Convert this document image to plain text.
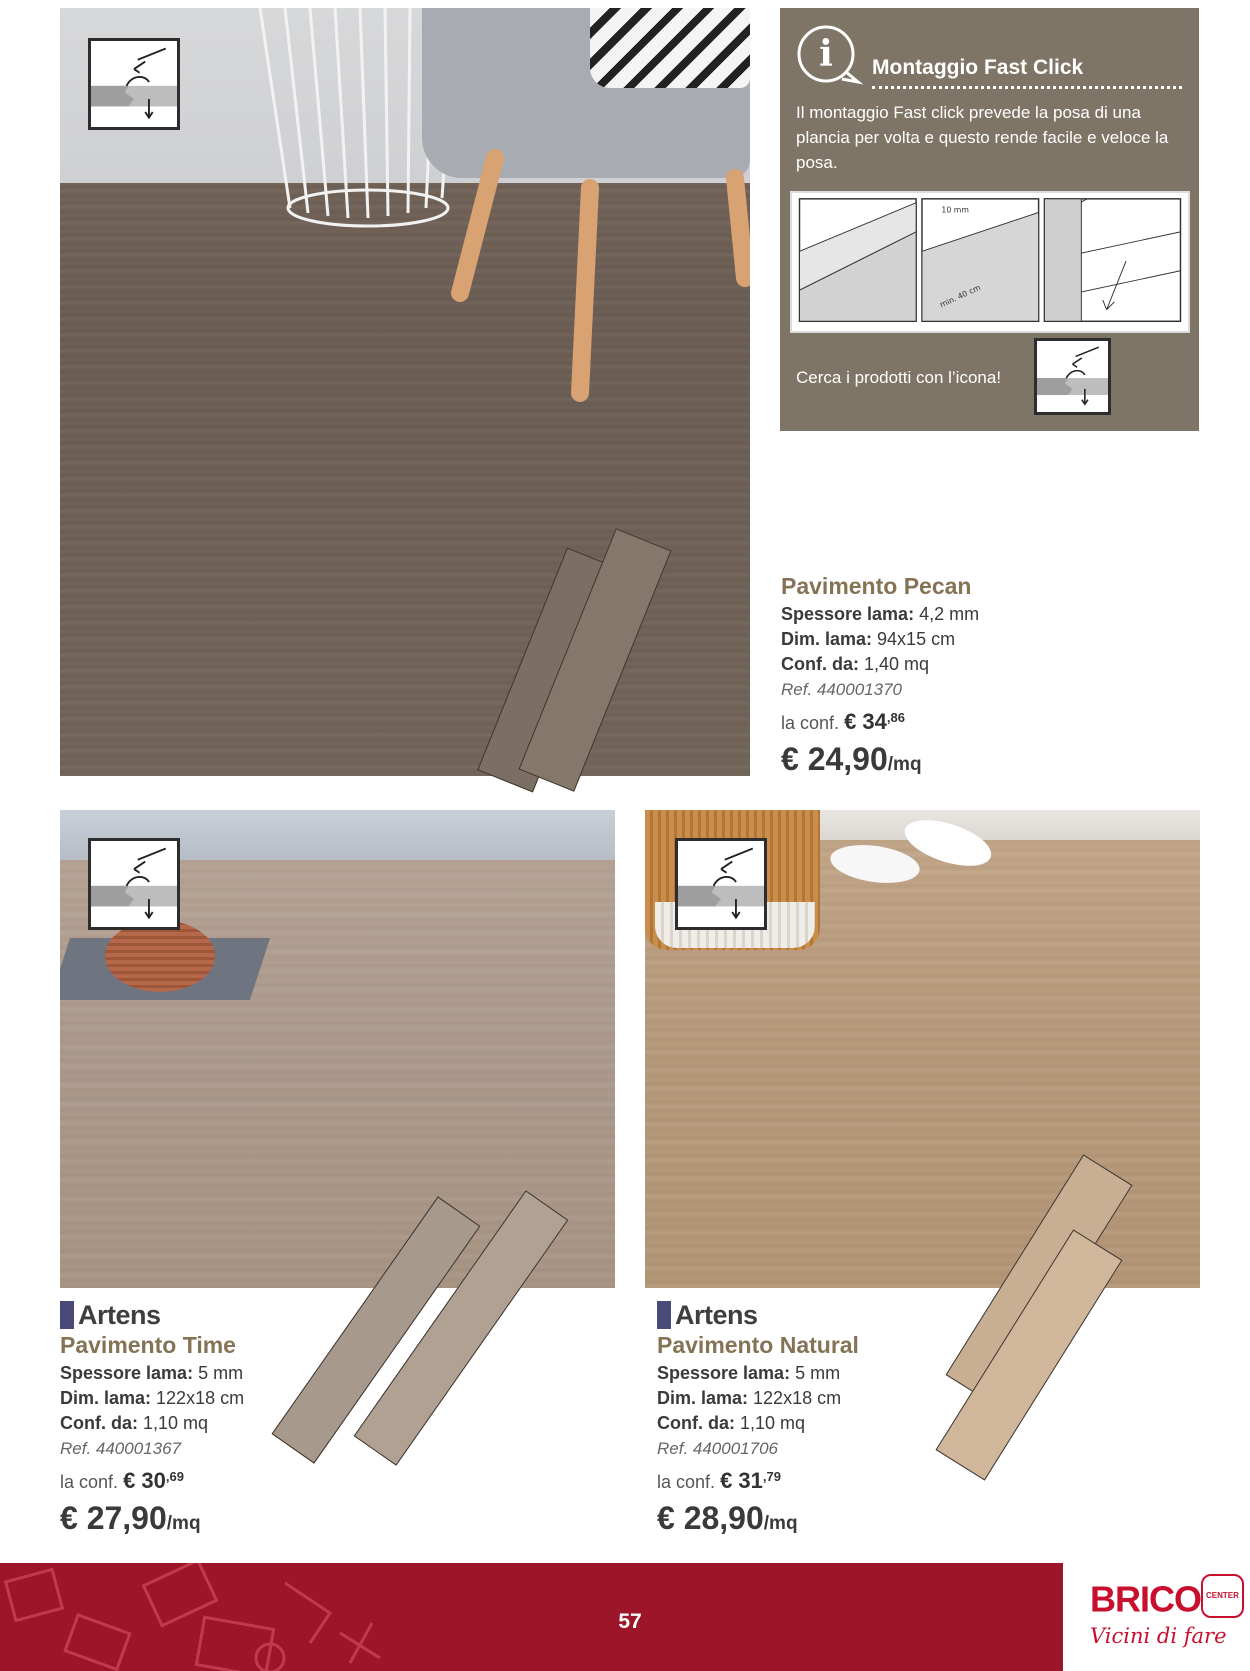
i Montaggio Fast Click
Il montaggio Fast click prevede la posa di una plancia per volta e questo rende facile e veloce la posa.
10 mm
min. 40 cm
Cerca i prodotti con l’icona!
Pavimento Pecan
Spessore lama: 4,2 mm
Dim. lama: 94x15 cm
Conf. da: 1,40 mq
Ref. 440001370
la conf. € $34^{,86}$
€ 24,90/mq
Artens
Pavimento Time
Spessore lama: 5 mm
Dim. lama: 122x18 cm
Conf. da: 1,10 mq
Ref. 440001367
la conf. € $30^{,69}$
€ 27,90/mq
Artens
Pavimento Natural
Spessore lama: 5 mm
Dim. lama: 122x18 cm
Conf. da: 1,10 mq
Ref. 440001706
la conf. € $31^{,79}$
€ 28,90/mq
57
BRICO CENTER
Vicini di fare
